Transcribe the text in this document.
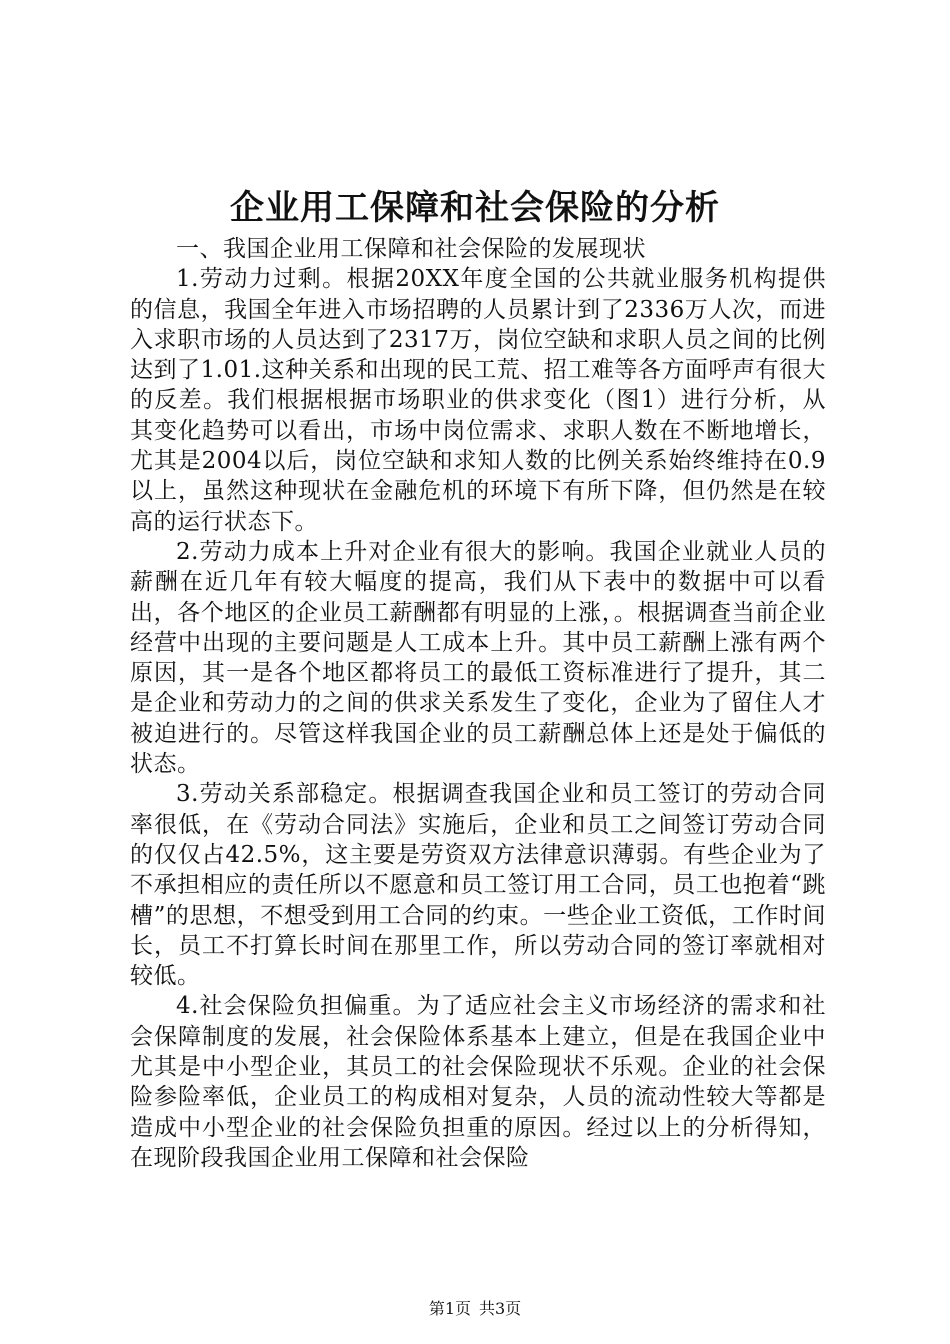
企业用工保障和社会保险的分析

一、我国企业用工保障和社会保险的发展现状

1.劳动力过剩。根据20XX年度全国的公共就业服务机构提供的信息，我国全年进入市场招聘的人员累计到了2336万人次，而进入求职市场的人员达到了2317万，岗位空缺和求职人员之间的比例达到了1.01.这种关系和出现的民工荒、招工难等各方面呼声有很大的反差。我们根据根据市场职业的供求变化（图1）进行分析，从其变化趋势可以看出，市场中岗位需求、求职人数在不断地增长，尤其是2004以后，岗位空缺和求知人数的比例关系始终维持在0.9以上，虽然这种现状在金融危机的环境下有所下降，但仍然是在较高的运行状态下。

2.劳动力成本上升对企业有很大的影响。我国企业就业人员的薪酬在近几年有较大幅度的提高，我们从下表中的数据中可以看出，各个地区的企业员工薪酬都有明显的上涨，。根据调查当前企业经营中出现的主要问题是人工成本上升。其中员工薪酬上涨有两个原因，其一是各个地区都将员工的最低工资标准进行了提升，其二是企业和劳动力的之间的供求关系发生了变化，企业为了留住人才被迫进行的。尽管这样我国企业的员工薪酬总体上还是处于偏低的状态。

3.劳动关系部稳定。根据调查我国企业和员工签订的劳动合同率很低，在《劳动合同法》实施后，企业和员工之间签订劳动合同的仅仅占42.5%，这主要是劳资双方法律意识薄弱。有些企业为了不承担相应的责任所以不愿意和员工签订用工合同，员工也抱着“跳槽”的思想，不想受到用工合同的约束。一些企业工资低，工作时间长，员工不打算长时间在那里工作，所以劳动合同的签订率就相对较低。

4.社会保险负担偏重。为了适应社会主义市场经济的需求和社会保障制度的发展，社会保险体系基本上建立，但是在我国企业中尤其是中小型企业，其员工的社会保险现状不乐观。企业的社会保险参险率低，企业员工的构成相对复杂，人员的流动性较大等都是造成中小型企业的社会保险负担重的原因。经过以上的分析得知，在现阶段我国企业用工保障和社会保险

第1页 共3页
